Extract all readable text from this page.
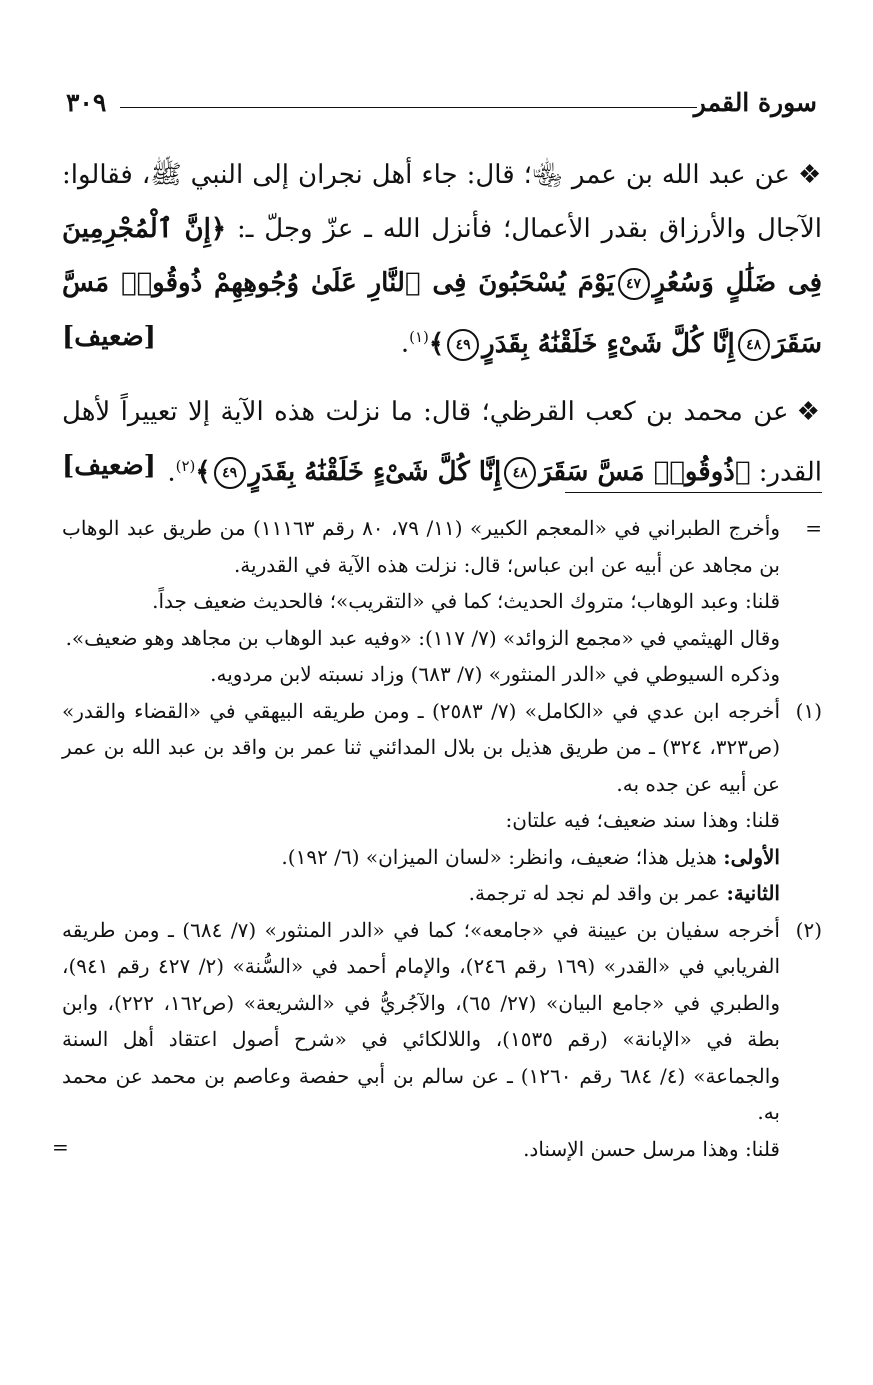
سورة القمر
٣٠٩

❖عن عبد الله بن عمر ﵄؛ قال: جاء أهل نجران إلى النبي ﷺ، فقالوا: الآجال والأرزاق بقدر الأعمال؛ فأنزل الله ـ عزّ وجلّ ـ: ﴿إِنَّ ٱلْمُجْرِمِينَ فِى ضَلَٰلٍ وَسُعُرٍ٤٧يَوْمَ يُسْحَبُونَ فِى ٱلنَّارِ عَلَىٰ وُجُوهِهِمْ ذُوقُوا۟ مَسَّ سَقَرَ٤٨إِنَّا كُلَّ شَىْءٍ خَلَقْنَٰهُ بِقَدَرٍ٤٩﴾$^{(١)}$.
[ضعيف]

❖عن محمد بن كعب القرظي؛ قال: ما نزلت هذه الآية إلا تعييراً لأهل القدر: ﴿ذُوقُوا۟ مَسَّ سَقَرَ٤٨إِنَّا كُلَّ شَىْءٍ خَلَقْنَٰهُ بِقَدَرٍ٤٩﴾$^{(٢)}$.
[ضعيف]

=

وأخرج الطبراني في «المعجم الكبير» (١١/ ٧٩، ٨٠ رقم ١١١٦٣) من طريق عبد الوهاب بن مجاهد عن أبيه عن ابن عباس؛ قال: نزلت هذه الآية في القدرية.

قلنا: وعبد الوهاب؛ متروك الحديث؛ كما في «التقريب»؛ فالحديث ضعيف جداً.

وقال الهيثمي في «مجمع الزوائد» (٧/ ١١٧): «وفيه عبد الوهاب بن مجاهد وهو ضعيف».

وذكره السيوطي في «الدر المنثور» (٧/ ٦٨٣) وزاد نسبته لابن مردويه.

(١)

أخرجه ابن عدي في «الكامل» (٧/ ٢٥٨٣) ـ ومن طريقه البيهقي في «القضاء والقدر» (ص٣٢٣، ٣٢٤) ـ من طريق هذيل بن بلال المدائني ثنا عمر بن واقد بن عبد الله بن عمر عن أبيه عن جده به.

قلنا: وهذا سند ضعيف؛ فيه علتان:

الأولى: هذيل هذا؛ ضعيف، وانظر: «لسان الميزان» (٦/ ١٩٢).

الثانية: عمر بن واقد لم نجد له ترجمة.

(٢)

أخرجه سفيان بن عيينة في «جامعه»؛ كما في «الدر المنثور» (٧/ ٦٨٤) ـ ومن طريقه الفريابي في «القدر» (١٦٩ رقم ٢٤٦)، والإمام أحمد في «السُّنة» (٢/ ٤٢٧ رقم ٩٤١)، والطبري في «جامع البيان» (٢٧/ ٦٥)، والآجُريُّ في «الشريعة» (ص١٦٢، ٢٢٢)، وابن بطة في «الإبانة» (رقم ١٥٣٥)، واللالكائي في «شرح أصول اعتقاد أهل السنة والجماعة» (٤/ ٦٨٤ رقم ١٢٦٠) ـ عن سالم بن أبي حفصة وعاصم بن محمد عن محمد به.

قلنا: وهذا مرسل حسن الإسناد.

=
